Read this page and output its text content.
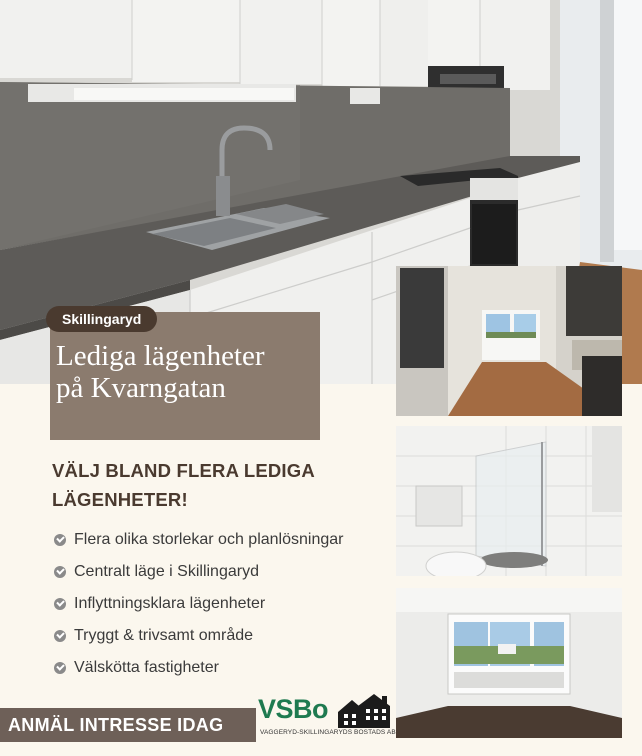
Skillingaryd
Lediga lägenheter
på Kvarngatan
VÄLJ BLAND FLERA LEDIGA
LÄGENHETER!
Flera olika storlekar och planlösningar
Centralt läge i Skillingaryd
Inflyttningsklara lägenheter
Tryggt & trivsamt område
Välskötta fastigheter
ANMÄL INTRESSE IDAG
VSBo
VAGGERYD-SKILLINGARYDS BOSTADS AB
